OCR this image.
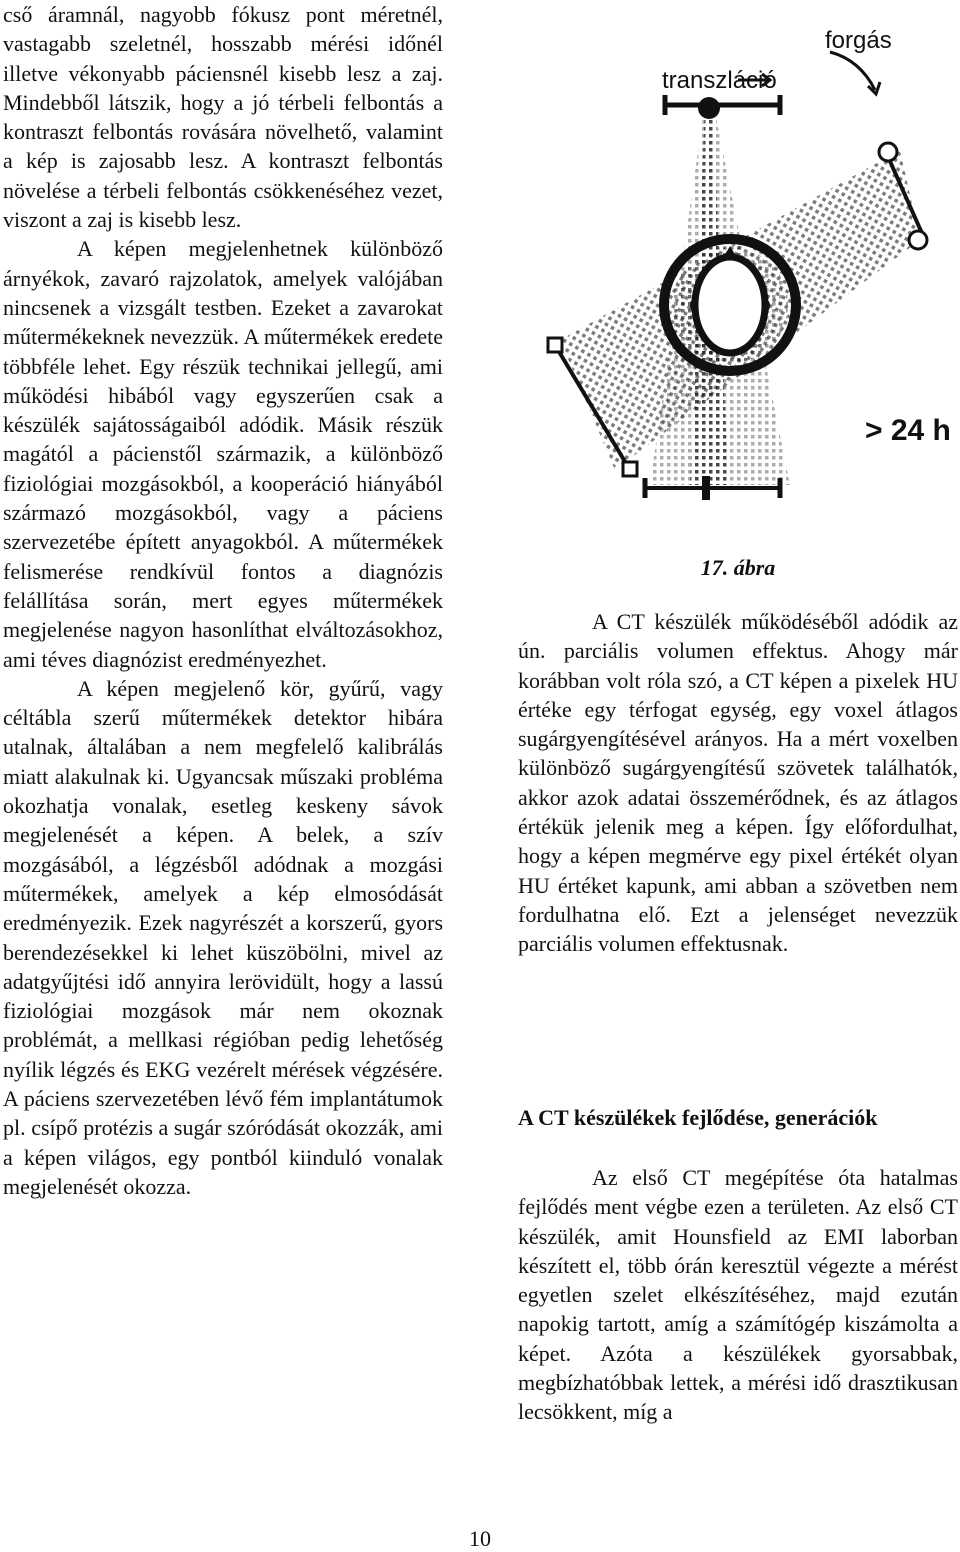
cső áramnál, nagyobb fókusz pont méretnél, vastagabb szeletnél, hosszabb mérési időnél illetve vékonyabb páciensnél kisebb lesz a zaj. Mindebből látszik, hogy a jó térbeli felbontás a kontraszt felbontás rovására növelhető, valamint a kép is zajosabb lesz. A kontraszt felbontás növelése a térbeli felbontás csökkenéséhez vezet, viszont a zaj is kisebb lesz.

A képen megjelenhetnek különböző árnyékok, zavaró rajzolatok, amelyek valójában nincsenek a vizsgált testben. Ezeket a zavarokat műtermékeknek nevezzük. A műtermékek eredete többféle lehet. Egy részük technikai jellegű, ami működési hibából vagy egyszerűen csak a készülék sajátosságaiból adódik. Másik részük magától a pácienstől származik, a különböző fiziológiai mozgásokból, a kooperáció hiányából származó mozgásokból, vagy a páciens szervezetébe épített anyagokból. A műtermékek felismerése rendkívül fontos a diagnózis felállítása során, mert egyes műtermékek megjelenése nagyon hasonlíthat elváltozásokhoz, ami téves diagnózist eredményezhet.

A képen megjelenő kör, gyűrű, vagy céltábla szerű műtermékek detektor hibára utalnak, általában a nem megfelelő kalibrálás miatt alakulnak ki. Ugyancsak műszaki probléma okozhatja vonalak, esetleg keskeny sávok megjelenését a képen. A belek, a szív mozgásából, a légzésből adódnak a mozgási műtermékek, amelyek a kép elmosódását eredményezik. Ezek nagyrészét a korszerű, gyors berendezésekkel ki lehet küszöbölni, mivel az adatgyűjtési idő annyira lerövidült, hogy a lassú fiziológiai mozgások már nem okoznak problémát, a mellkasi régióban pedig lehetőség nyílik légzés és EKG vezérelt mérések végzésére. A páciens szervezetében lévő fém implantátumok pl. csípő protézis a sugár szóródását okozzák, ami a képen világos, egy pontból kiinduló vonalak megjelenését okozza.

forgás
transzláció
> 24 h
17. ábra

A CT készülék működéséből adódik az ún. parciális volumen effektus. Ahogy már korábban volt róla szó, a CT képen a pixelek HU értéke egy térfogat egység, egy voxel átlagos sugárgyengítésével arányos. Ha a mért voxelben különböző sugárgyengítésű szövetek találhatók, akkor azok adatai összemérődnek, és az átlagos értékük jelenik meg a képen. Így előfordulhat, hogy a képen megmérve egy pixel értékét olyan HU értéket kapunk, ami abban a szövetben nem fordulhatna elő. Ezt a jelenséget nevezzük parciális volumen effektusnak.

A CT készülékek fejlődése, generációk

Az első CT megépítése óta hatalmas fejlődés ment végbe ezen a területen. Az első CT készülék, amit Hounsfield az EMI laborban készített el, több órán keresztül végezte a mérést egyetlen szelet elkészítéséhez, majd ezután napokig tartott, amíg a számítógép kiszámolta a képet. Azóta a készülékek gyorsabbak, megbízhatóbbak lettek, a mérési idő drasztikusan lecsökkent, míg a

10
